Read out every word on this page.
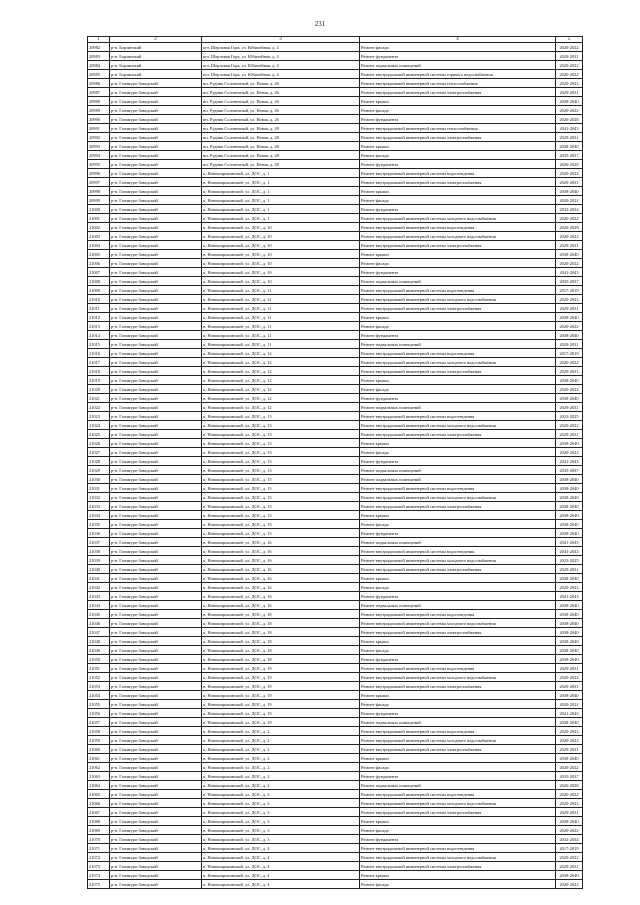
231
1	2	3	4	5
20982	р-н. Борзинский	пгт. Шерловая Гора, ул. Юбилейная, д. 4	Ремонт фасада	2020-2022
20983	р-н. Борзинский	пгт. Шерловая Гора, ул. Юбилейная, д. 4	Ремонт фундамента	2029-2031
20984	р-н. Борзинский	пгт. Шерловая Гора, ул. Юбилейная, д. 4	Ремонт подвальных помещений	2020-2022
20985	р-н. Борзинский	пгт. Шерловая Гора, ул. Юбилейная, д. 4	Ремонт внутридомовой инженерной системы горячего водоснабжения	2020-2022
20986	р-н. Газимуро-Заводский	нп. Рудник Солонечный, ул. Новая, д. 26	Ремонт внутридомовой инженерной системы теплоснабжения	2020-2022
20987	р-н. Газимуро-Заводский	нп. Рудник Солонечный, ул. Новая, д. 26	Ремонт внутридомовой инженерной системы электроснабжения	2029-2031
20988	р-н. Газимуро-Заводский	нп. Рудник Солонечный, ул. Новая, д. 26	Ремонт крыши	2038-2040
20989	р-н. Газимуро-Заводский	нп. Рудник Солонечный, ул. Новая, д. 26	Ремонт фасада	2020-2022
20990	р-н. Газимуро-Заводский	нп. Рудник Солонечный, ул. Новая, д. 26	Ремонт фундамента	2026-2028
20991	р-н. Газимуро-Заводский	нп. Рудник Солонечный, ул. Новая, д. 28	Ремонт внутридомовой инженерной системы теплоснабжения	2041-2043
20992	р-н. Газимуро-Заводский	нп. Рудник Солонечный, ул. Новая, д. 28	Ремонт внутридомовой инженерной системы электроснабжения	2029-2031
20993	р-н. Газимуро-Заводский	нп. Рудник Солонечный, ул. Новая, д. 28	Ремонт крыши	2038-2040
20994	р-н. Газимуро-Заводский	нп. Рудник Солонечный, ул. Новая, д. 28	Ремонт фасада	2035-2037
20995	р-н. Газимуро-Заводский	нп. Рудник Солонечный, ул. Новая, д. 28	Ремонт фундамента	2026-2028
20996	р-н. Газимуро-Заводский	п. Новоширокинский, ул. ДОС, д. 1	Ремонт внутридомовой инженерной системы водоотведения	2020-2022
20997	р-н. Газимуро-Заводский	п. Новоширокинский, ул. ДОС, д. 1	Ремонт внутридомовой инженерной системы электроснабжения	2029-2031
20998	р-н. Газимуро-Заводский	п. Новоширокинский, ул. ДОС, д. 1	Ремонт крыши	2038-2040
20999	р-н. Газимуро-Заводский	п. Новоширокинский, ул. ДОС, д. 1	Ремонт фасада	2020-2022
21000	р-н. Газимуро-Заводский	п. Новоширокинский, ул. ДОС, д. 1	Ремонт фундамента	2032-2034
21001	р-н. Газимуро-Заводский	п. Новоширокинский, ул. ДОС, д. 1	Ремонт внутридомовой инженерной системы холодного водоснабжения	2020-2022
21002	р-н. Газимуро-Заводский	п. Новоширокинский, ул. ДОС, д. 10	Ремонт внутридомовой инженерной системы водоотведения	2026-2028
21003	р-н. Газимуро-Заводский	п. Новоширокинский, ул. ДОС, д. 10	Ремонт внутридомовой инженерной системы холодного водоснабжения	2020-2022
21004	р-н. Газимуро-Заводский	п. Новоширокинский, ул. ДОС, д. 10	Ремонт внутридомовой инженерной системы электроснабжения	2029-2031
21005	р-н. Газимуро-Заводский	п. Новоширокинский, ул. ДОС, д. 10	Ремонт крыши	2038-2040
21006	р-н. Газимуро-Заводский	п. Новоширокинский, ул. ДОС, д. 10	Ремонт фасада	2020-2022
21007	р-н. Газимуро-Заводский	п. Новоширокинский, ул. ДОС, д. 10	Ремонт фундамента	2041-2043
21008	р-н. Газимуро-Заводский	п. Новоширокинский, ул. ДОС, д. 10	Ремонт подвальных помещений	2035-2037
21009	р-н. Газимуро-Заводский	п. Новоширокинский, ул. ДОС, д. 11	Ремонт внутридомовой инженерной системы водоотведения	2017-2019
21010	р-н. Газимуро-Заводский	п. Новоширокинский, ул. ДОС, д. 11	Ремонт внутридомовой инженерной системы холодного водоснабжения	2020-2022
21011	р-н. Газимуро-Заводский	п. Новоширокинский, ул. ДОС, д. 11	Ремонт внутридомовой инженерной системы электроснабжения	2029-2031
21012	р-н. Газимуро-Заводский	п. Новоширокинский, ул. ДОС, д. 11	Ремонт крыши	2038-2040
21013	р-н. Газимуро-Заводский	п. Новоширокинский, ул. ДОС, д. 11	Ремонт фасада	2020-2022
21014	р-н. Газимуро-Заводский	п. Новоширокинский, ул. ДОС, д. 11	Ремонт фундамента	2038-2040
21015	р-н. Газимуро-Заводский	п. Новоширокинский, ул. ДОС, д. 11	Ремонт подвальных помещений	2029-2031
21016	р-н. Газимуро-Заводский	п. Новоширокинский, ул. ДОС, д. 12	Ремонт внутридомовой инженерной системы водоотведения	2017-2019
21017	р-н. Газимуро-Заводский	п. Новоширокинский, ул. ДОС, д. 12	Ремонт внутридомовой инженерной системы холодного водоснабжения	2020-2022
21018	р-н. Газимуро-Заводский	п. Новоширокинский, ул. ДОС, д. 12	Ремонт внутридомовой инженерной системы электроснабжения	2029-2031
21019	р-н. Газимуро-Заводский	п. Новоширокинский, ул. ДОС, д. 12	Ремонт крыши	2038-2040
21020	р-н. Газимуро-Заводский	п. Новоширокинский, ул. ДОС, д. 12	Ремонт фасада	2020-2022
21021	р-н. Газимуро-Заводский	п. Новоширокинский, ул. ДОС, д. 12	Ремонт фундамента	2038-2040
21022	р-н. Газимуро-Заводский	п. Новоширокинский, ул. ДОС, д. 12	Ремонт подвальных помещений	2029-2031
21023	р-н. Газимуро-Заводский	п. Новоширокинский, ул. ДОС, д. 13	Ремонт внутридомовой инженерной системы водоотведения	2023-2025
21024	р-н. Газимуро-Заводский	п. Новоширокинский, ул. ДОС, д. 13	Ремонт внутридомовой инженерной системы холодного водоснабжения	2020-2022
21025	р-н. Газимуро-Заводский	п. Новоширокинский, ул. ДОС, д. 13	Ремонт внутридомовой инженерной системы электроснабжения	2029-2031
21026	р-н. Газимуро-Заводский	п. Новоширокинский, ул. ДОС, д. 13	Ремонт крыши	2038-2040
21027	р-н. Газимуро-Заводский	п. Новоширокинский, ул. ДОС, д. 13	Ремонт фасада	2020-2022
21028	р-н. Газимуро-Заводский	п. Новоширокинский, ул. ДОС, д. 13	Ремонт фундамента	2041-2043
21029	р-н. Газимуро-Заводский	п. Новоширокинский, ул. ДОС, д. 13	Ремонт подвальных помещений	2035-2037
21030	р-н. Газимуро-Заводский	п. Новоширокинский, ул. ДОС, д. 15	Ремонт подвальных помещений	2038-2040
21031	р-н. Газимуро-Заводский	п. Новоширокинский, ул. ДОС, д. 15	Ремонт внутридомовой инженерной системы водоотведения	2038-2040
21032	р-н. Газимуро-Заводский	п. Новоширокинский, ул. ДОС, д. 15	Ремонт внутридомовой инженерной системы холодного водоснабжения	2038-2040
21033	р-н. Газимуро-Заводский	п. Новоширокинский, ул. ДОС, д. 15	Ремонт внутридомовой инженерной системы электроснабжения	2038-2040
21034	р-н. Газимуро-Заводский	п. Новоширокинский, ул. ДОС, д. 15	Ремонт крыши	2038-2040
21035	р-н. Газимуро-Заводский	п. Новоширокинский, ул. ДОС, д. 15	Ремонт фасада	2038-2040
21036	р-н. Газимуро-Заводский	п. Новоширокинский, ул. ДОС, д. 15	Ремонт фундамента	2038-2040
21037	р-н. Газимуро-Заводский	п. Новоширокинский, ул. ДОС, д. 16	Ремонт подвальных помещений	2041-2043
21038	р-н. Газимуро-Заводский	п. Новоширокинский, ул. ДОС, д. 16	Ремонт внутридомовой инженерной системы водоотведения	2041-2043
21039	р-н. Газимуро-Заводский	п. Новоширокинский, ул. ДОС, д. 16	Ремонт внутридомовой инженерной системы холодного водоснабжения	2023-2025
21040	р-н. Газимуро-Заводский	п. Новоширокинский, ул. ДОС, д. 16	Ремонт внутридомовой инженерной системы электроснабжения	2029-2031
21041	р-н. Газимуро-Заводский	п. Новоширокинский, ул. ДОС, д. 16	Ремонт крыши	2038-2040
21042	р-н. Газимуро-Заводский	п. Новоширокинский, ул. ДОС, д. 16	Ремонт фасада	2020-2022
21043	р-н. Газимуро-Заводский	п. Новоширокинский, ул. ДОС, д. 16	Ремонт фундамента	2041-2043
21044	р-н. Газимуро-Заводский	п. Новоширокинский, ул. ДОС, д. 16	Ремонт подвальных помещений	2038-2040
21045	р-н. Газимуро-Заводский	п. Новоширокинский, ул. ДОС, д. 18	Ремонт внутридомовой инженерной системы водоотведения	2038-2040
21046	р-н. Газимуро-Заводский	п. Новоширокинский, ул. ДОС, д. 18	Ремонт внутридомовой инженерной системы холодного водоснабжения	2038-2040
21047	р-н. Газимуро-Заводский	п. Новоширокинский, ул. ДОС, д. 18	Ремонт внутридомовой инженерной системы электроснабжения	2038-2040
21048	р-н. Газимуро-Заводский	п. Новоширокинский, ул. ДОС, д. 18	Ремонт крыши	2038-2040
21049	р-н. Газимуро-Заводский	п. Новоширокинский, ул. ДОС, д. 18	Ремонт фасада	2038-2040
21050	р-н. Газимуро-Заводский	п. Новоширокинский, ул. ДОС, д. 18	Ремонт фундамента	2038-2040
21051	р-н. Газимуро-Заводский	п. Новоширокинский, ул. ДОС, д. 19	Ремонт внутридомовой инженерной системы водоотведения	2029-2031
21052	р-н. Газимуро-Заводский	п. Новоширокинский, ул. ДОС, д. 19	Ремонт внутридомовой инженерной системы холодного водоснабжения	2020-2022
21053	р-н. Газимуро-Заводский	п. Новоширокинский, ул. ДОС, д. 19	Ремонт внутридомовой инженерной системы электроснабжения	2029-2031
21054	р-н. Газимуро-Заводский	п. Новоширокинский, ул. ДОС, д. 19	Ремонт крыши	2038-2040
21055	р-н. Газимуро-Заводский	п. Новоширокинский, ул. ДОС, д. 19	Ремонт фасада	2020-2022
21056	р-н. Газимуро-Заводский	п. Новоширокинский, ул. ДОС, д. 19	Ремонт фундамента	2041-2043
21057	р-н. Газимуро-Заводский	п. Новоширокинский, ул. ДОС, д. 19	Ремонт подвальных помещений	2038-2040
21058	р-н. Газимуро-Заводский	п. Новоширокинский, ул. ДОС, д. 2	Ремонт внутридомовой инженерной системы водоотведения	2020-2022
21059	р-н. Газимуро-Заводский	п. Новоширокинский, ул. ДОС, д. 2	Ремонт внутридомовой инженерной системы холодного водоснабжения	2020-2022
21060	р-н. Газимуро-Заводский	п. Новоширокинский, ул. ДОС, д. 2	Ремонт внутридомовой инженерной системы электроснабжения	2029-2031
21061	р-н. Газимуро-Заводский	п. Новоширокинский, ул. ДОС, д. 2	Ремонт крыши	2038-2040
21062	р-н. Газимуро-Заводский	п. Новоширокинский, ул. ДОС, д. 2	Ремонт фасада	2020-2022
21063	р-н. Газимуро-Заводский	п. Новоширокинский, ул. ДОС, д. 2	Ремонт фундамента	2035-2037
21064	р-н. Газимуро-Заводский	п. Новоширокинский, ул. ДОС, д. 2	Ремонт подвальных помещений	2026-2028
21065	р-н. Газимуро-Заводский	п. Новоширокинский, ул. ДОС, д. 3	Ремонт внутридомовой инженерной системы водоотведения	2020-2022
21066	р-н. Газимуро-Заводский	п. Новоширокинский, ул. ДОС, д. 3	Ремонт внутридомовой инженерной системы холодного водоснабжения	2020-2022
21067	р-н. Газимуро-Заводский	п. Новоширокинский, ул. ДОС, д. 3	Ремонт внутридомовой инженерной системы электроснабжения	2029-2031
21068	р-н. Газимуро-Заводский	п. Новоширокинский, ул. ДОС, д. 3	Ремонт крыши	2038-2040
21069	р-н. Газимуро-Заводский	п. Новоширокинский, ул. ДОС, д. 3	Ремонт фасада	2020-2022
21070	р-н. Газимуро-Заводский	п. Новоширокинский, ул. ДОС, д. 3	Ремонт фундамента	2032-2034
21071	р-н. Газимуро-Заводский	п. Новоширокинский, ул. ДОС, д. 4	Ремонт внутридомовой инженерной системы водоотведения	2017-2019
21072	р-н. Газимуро-Заводский	п. Новоширокинский, ул. ДОС, д. 4	Ремонт внутридомовой инженерной системы холодного водоснабжения	2020-2022
21073	р-н. Газимуро-Заводский	п. Новоширокинский, ул. ДОС, д. 4	Ремонт внутридомовой инженерной системы электроснабжения	2029-2031
21074	р-н. Газимуро-Заводский	п. Новоширокинский, ул. ДОС, д. 4	Ремонт крыши	2038-2040
21075	р-н. Газимуро-Заводский	п. Новоширокинский, ул. ДОС, д. 4	Ремонт фасада	2020-2022
